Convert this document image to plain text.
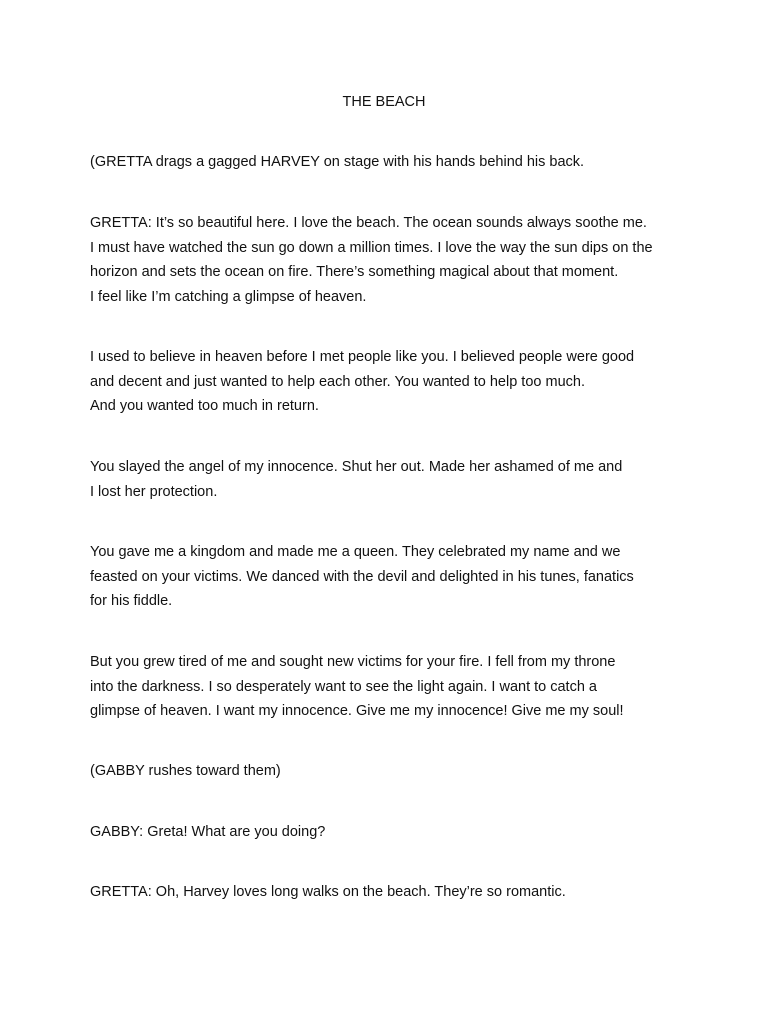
THE BEACH

(GRETTA drags a gagged HARVEY on stage with his hands behind his back.

GRETTA: It’s so beautiful here. I love the beach. The ocean sounds always soothe me.
I must have watched the sun go down a million times. I love the way the sun dips on the
horizon and sets the ocean on fire. There’s something magical about that moment.
I feel like I’m catching a glimpse of heaven.

I used to believe in heaven before I met people like you. I believed people were good
and decent and just wanted to help each other. You wanted to help too much.
And you wanted too much in return.

You slayed the angel of my innocence. Shut her out. Made her ashamed of me and
I lost her protection.

You gave me a kingdom and made me a queen. They celebrated my name and we
feasted on your victims. We danced with the devil and delighted in his tunes, fanatics
for his fiddle.

But you grew tired of me and sought new victims for your fire. I fell from my throne
into the darkness. I so desperately want to see the light again. I want to catch a
glimpse of heaven. I want my innocence. Give me my innocence! Give me my soul!

(GABBY rushes toward them)

GABBY: Greta! What are you doing?

GRETTA: Oh, Harvey loves long walks on the beach. They’re so romantic.
